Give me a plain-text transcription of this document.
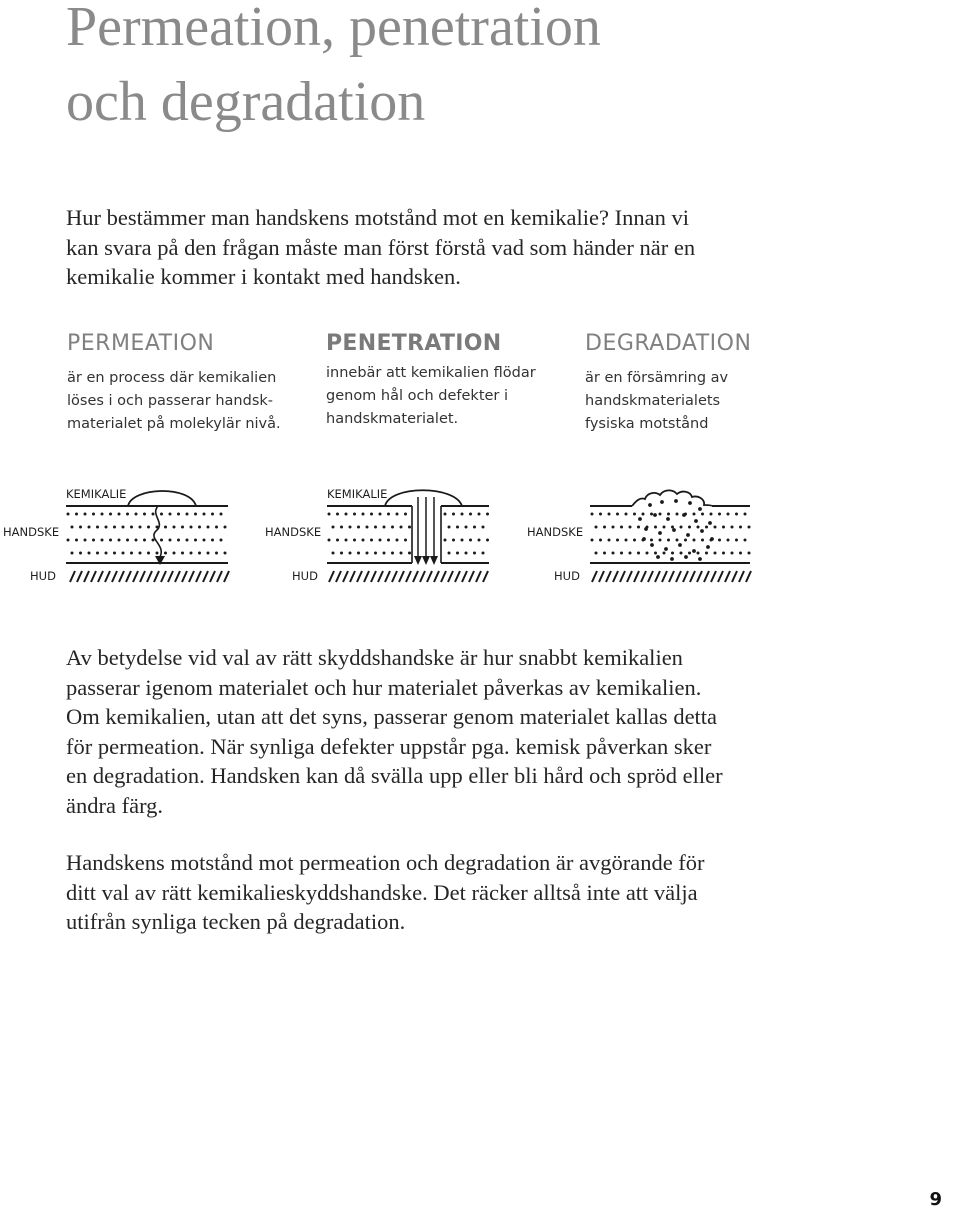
Permeation, penetration
och degradation

Hur bestämmer man handskens motstånd mot en kemikalie? Innan vi
kan svara på den frågan måste man först förstå vad som händer när en
kemikalie kommer i kontakt med handsken.

PERMEATION

är en process där kemikalien
löses i och passerar handsk-
materialet på molekylär nivå.

PENETRATION

innebär att kemikalien flödar
genom hål och defekter i
handskmaterialet.

DEGRADATION

är en försämring av
handskmaterialets
fysiska motstånd

KEMIKALIE
HANDSKE
HUD
KEMIKALIE
HANDSKE
HUD
HANDSKE
HUD

Av betydelse vid val av rätt skyddshandske är hur snabbt kemikalien
passerar igenom materialet och hur materialet påverkas av kemikalien.
Om kemikalien, utan att det syns, passerar genom materialet kallas detta
för permeation. När synliga defekter uppstår pga. kemisk påverkan sker
en degradation. Handsken kan då svälla upp eller bli hård och spröd eller
ändra färg.

Handskens motstånd mot permeation och degradation är avgörande för
ditt val av rätt kemikalieskyddshandske. Det räcker alltså inte att välja
utifrån synliga tecken på degradation.

9
